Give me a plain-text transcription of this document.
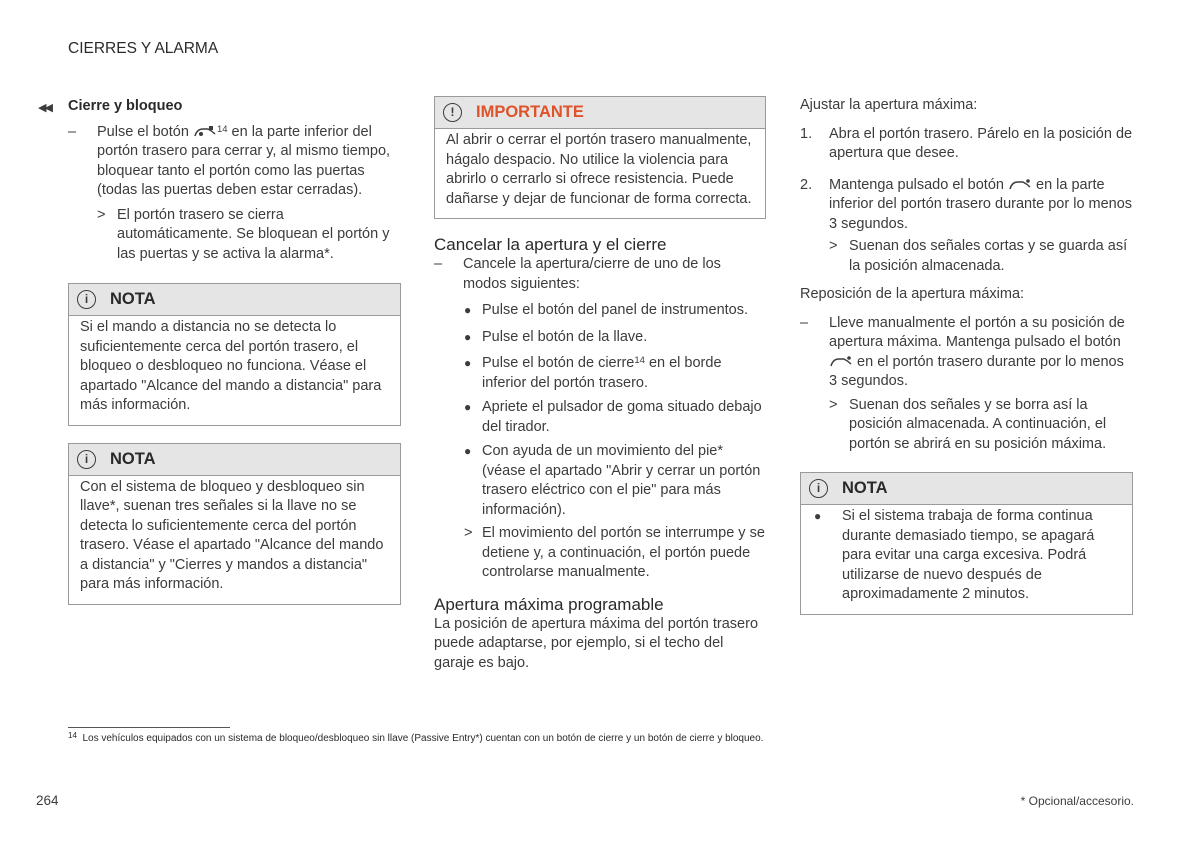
CIERRES Y ALARMA
◀◀ Cierre y bloqueo
– Pulse el botón	$^{14}$ en la parte inferior del portón trasero para cerrar y, al mismo tiempo, bloquear tanto el portón como las puertas (todas las puertas deben estar cerradas).
> El portón trasero se cierra automáticamente. Se bloquean el portón y las puertas y se activa la alarma*.
i	NOTA
Si el mando a distancia no se detecta lo suficientemente cerca del portón trasero, el bloqueo o desbloqueo no funciona. Véase el apartado "Alcance del mando a distancia" para más información.
i	NOTA
Con el sistema de bloqueo y desbloqueo sin llave*, suenan tres señales si la llave no se detecta lo suficientemente cerca del portón trasero. Véase el apartado "Alcance del mando a distancia" y "Cierres y mandos a distancia" para más información.
!	IMPORTANTE
Al abrir o cerrar el portón trasero manualmente, hágalo despacio. No utilice la violencia para abrirlo o cerrarlo si ofrece resistencia. Puede dañarse y dejar de funcionar de forma correcta.
Cancelar la apertura y el cierre
– Cancele la apertura/cierre de uno de los modos siguientes:
● Pulse el botón del panel de instrumentos.
● Pulse el botón de la llave.
● Pulse el botón de cierre$^{14}$ en el borde inferior del portón trasero.
● Apriete el pulsador de goma situado debajo del tirador.
● Con ayuda de un movimiento del pie* (véase el apartado "Abrir y cerrar un portón trasero eléctrico con el pie" para más información).
> El movimiento del portón se interrumpe y se detiene y, a continuación, el portón puede controlarse manualmente.
Apertura máxima programable

La posición de apertura máxima del portón trasero puede adaptarse, por ejemplo, si el techo del garaje es bajo.

Ajustar la apertura máxima:

1. Abra el portón trasero. Párelo en la posición de apertura que desee.
2. Mantenga pulsado el botón en la parte inferior del portón trasero durante por lo menos 3 segundos.
> Suenan dos señales cortas y se guarda así la posición almacenada.

Reposición de la apertura máxima:

– Lleve manualmente el portón a su posición de apertura máxima. Mantenga pulsado el botón
en el portón trasero durante por lo menos 3 segundos.
> Suenan dos señales y se borra así la posición almacenada. A continuación, el portón se abrirá en su posición máxima.
i	NOTA
● Si el sistema trabaja de forma continua durante demasiado tiempo, se apagará para evitar una carga excesiva. Podrá utilizarse de nuevo después de aproximadamente 2 minutos.
$^{14}$ Los vehículos equipados con un sistema de bloqueo/desbloqueo sin llave (Passive Entry*) cuentan con un botón de cierre y un botón de cierre y bloqueo.
264	* Opcional/accesorio.
